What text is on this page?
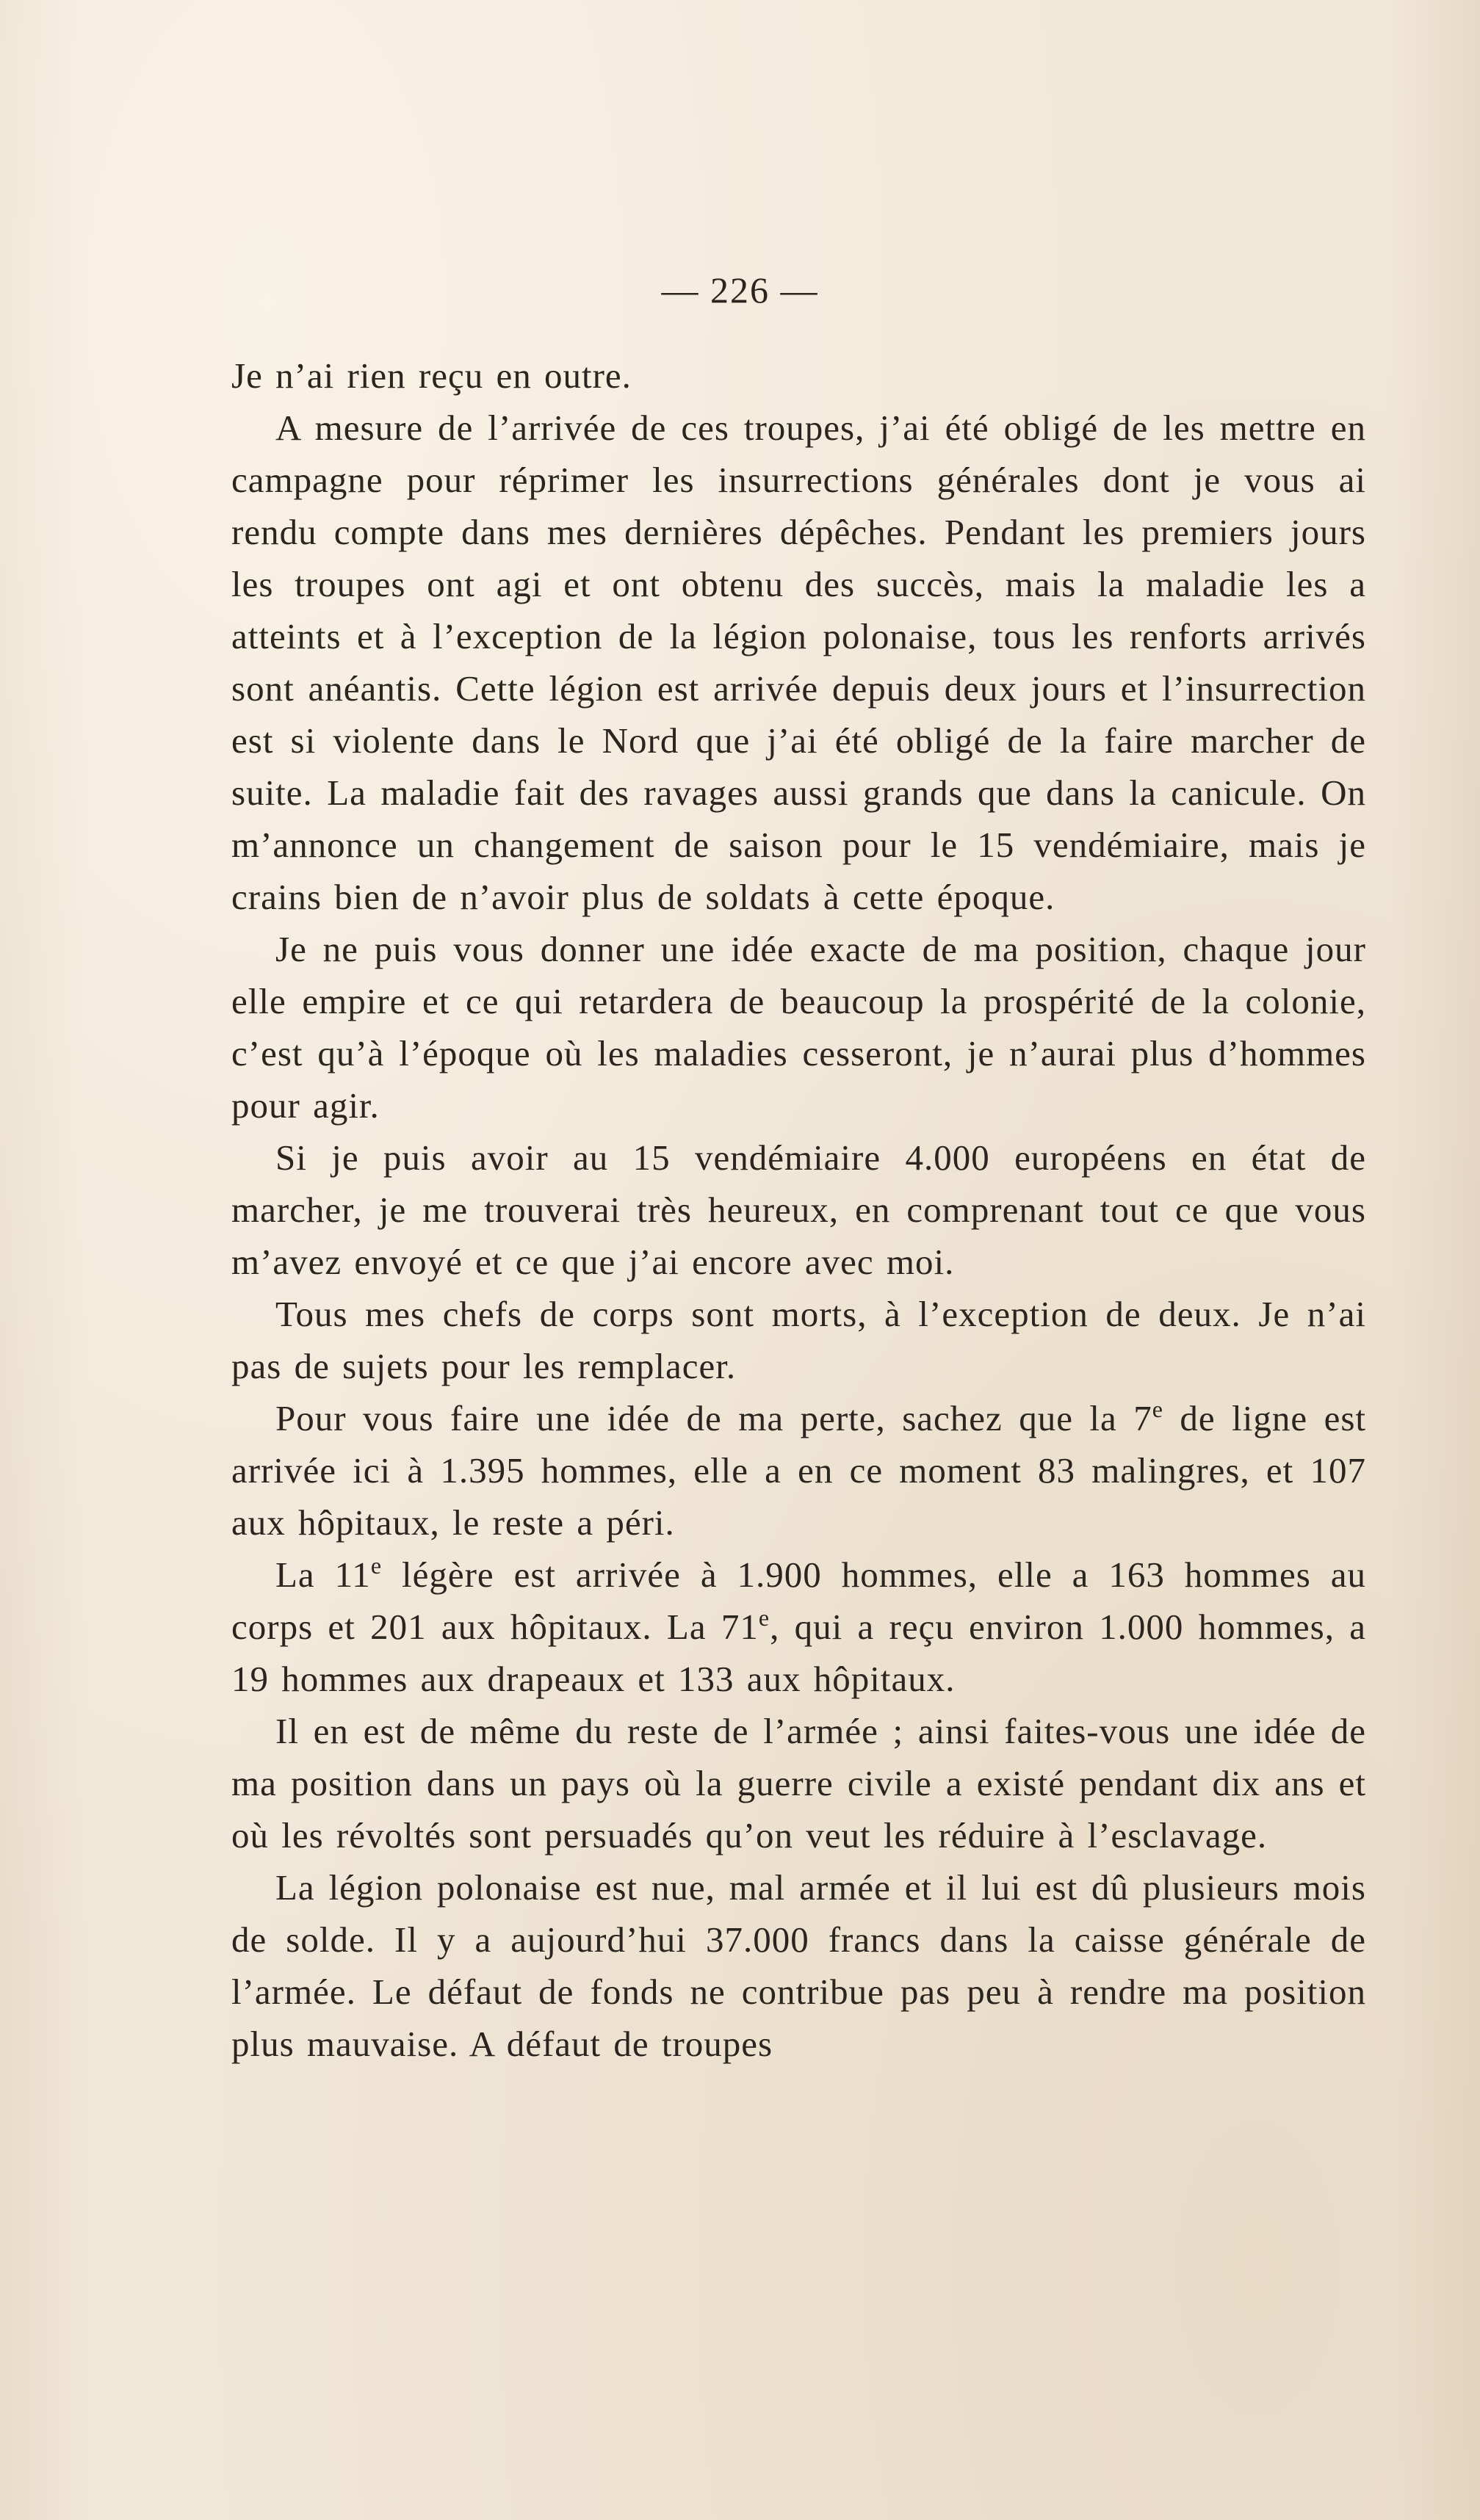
— 226 —

Je n’ai rien reçu en outre.

A mesure de l’arrivée de ces troupes, j’ai été obligé de les mettre en campagne pour réprimer les insurrections générales dont je vous ai rendu compte dans mes dernières dépêches. Pendant les premiers jours les troupes ont agi et ont obtenu des succès, mais la maladie les a atteints et à l’exception de la légion polonaise, tous les renforts arrivés sont anéantis. Cette légion est arrivée depuis deux jours et l’insurrection est si violente dans le Nord que j’ai été obligé de la faire marcher de suite. La maladie fait des ravages aussi grands que dans la canicule. On m’annonce un changement de saison pour le 15 vendémiaire, mais je crains bien de n’avoir plus de soldats à cette époque.

Je ne puis vous donner une idée exacte de ma position, chaque jour elle empire et ce qui retardera de beaucoup la prospérité de la colonie, c’est qu’à l’époque où les maladies cesseront, je n’aurai plus d’hommes pour agir.

Si je puis avoir au 15 vendémiaire 4.000 européens en état de marcher, je me trouverai très heureux, en comprenant tout ce que vous m’avez envoyé et ce que j’ai encore avec moi.

Tous mes chefs de corps sont morts, à l’exception de deux. Je n’ai pas de sujets pour les remplacer.

Pour vous faire une idée de ma perte, sachez que la 7e de ligne est arrivée ici à 1.395 hommes, elle a en ce moment 83 malingres, et 107 aux hôpitaux, le reste a péri.

La 11e légère est arrivée à 1.900 hommes, elle a 163 hommes au corps et 201 aux hôpitaux. La 71e, qui a reçu environ 1.000 hommes, a 19 hommes aux drapeaux et 133 aux hôpitaux.

Il en est de même du reste de l’armée ; ainsi faites-vous une idée de ma position dans un pays où la guerre civile a existé pendant dix ans et où les révoltés sont persuadés qu’on veut les réduire à l’esclavage.

La légion polonaise est nue, mal armée et il lui est dû plusieurs mois de solde. Il y a aujourd’hui 37.000 francs dans la caisse générale de l’armée. Le défaut de fonds ne contribue pas peu à rendre ma position plus mauvaise. A défaut de troupes
